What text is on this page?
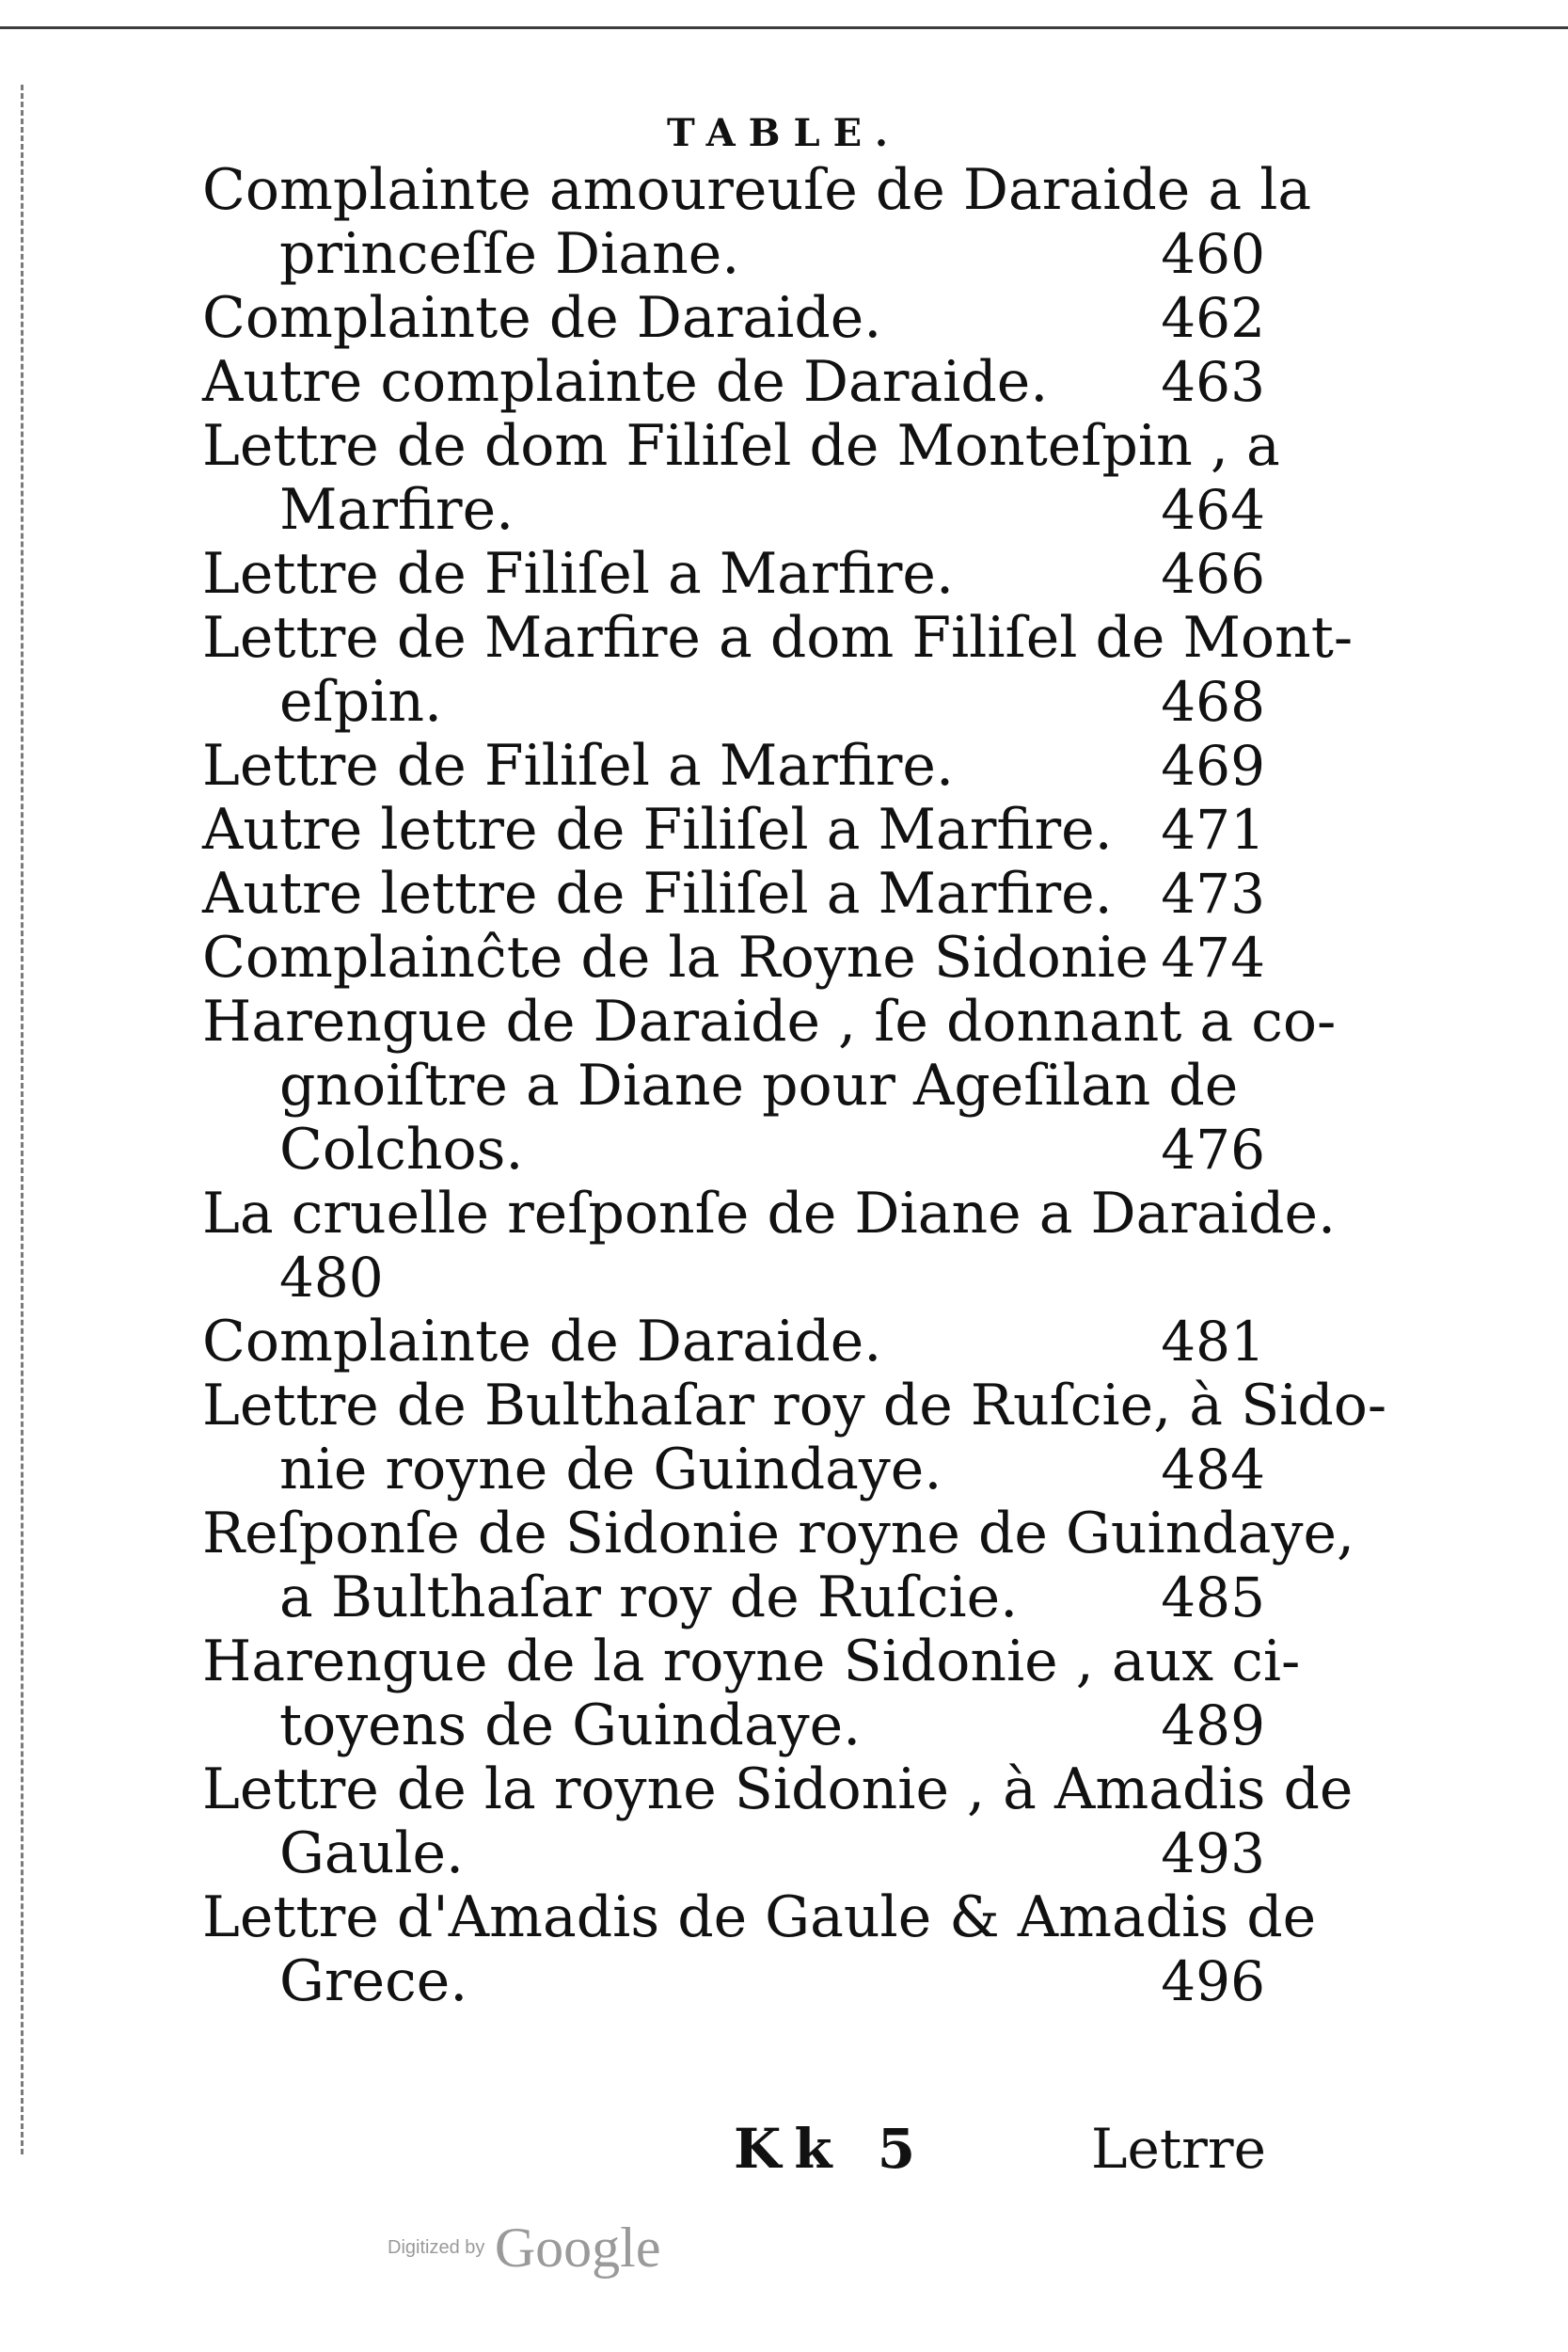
TABLE.
Complainte amoureuſe de Daraide a la
princeſſe Diane.	460
Complainte de Daraide.	462
Autre complainte de Daraide.	463
Lettre de dom Filiſel de Monteſpin , a
Marfire.	464
Lettre de Filiſel a Marfire.	466
Lettre de Marfire a dom Filiſel de Mont-
eſpin.	468
Lettre de Filiſel a Marfire.	469
Autre lettre de Filiſel a Marfire. 471
Autre lettre de Filiſel a Marfire. 473
Complainĉte de la Royne Sidonie 474
Harengue de Daraide , ſe donnant a co-
gnoiſtre a Diane pour Ageſilan de
Colchos.	476
La cruelle reſponſe de Diane a Daraide.
480
Complainte de Daraide.	481
Lettre de Bulthaſar roy de Ruſcie, à Sido-
nie royne de Guindaye.	484
Reſponſe de Sidonie royne de Guindaye,
a Bulthaſar roy de Ruſcie.	485
Harengue de la royne Sidonie , aux ci-
toyens de Guindaye.	489
Lettre de la royne Sidonie , à Amadis de
Gaule.	493
Lettre d'Amadis de Gaule & Amadis de
Grece.	496
Kk 5	Letrre
Digitized by Google
